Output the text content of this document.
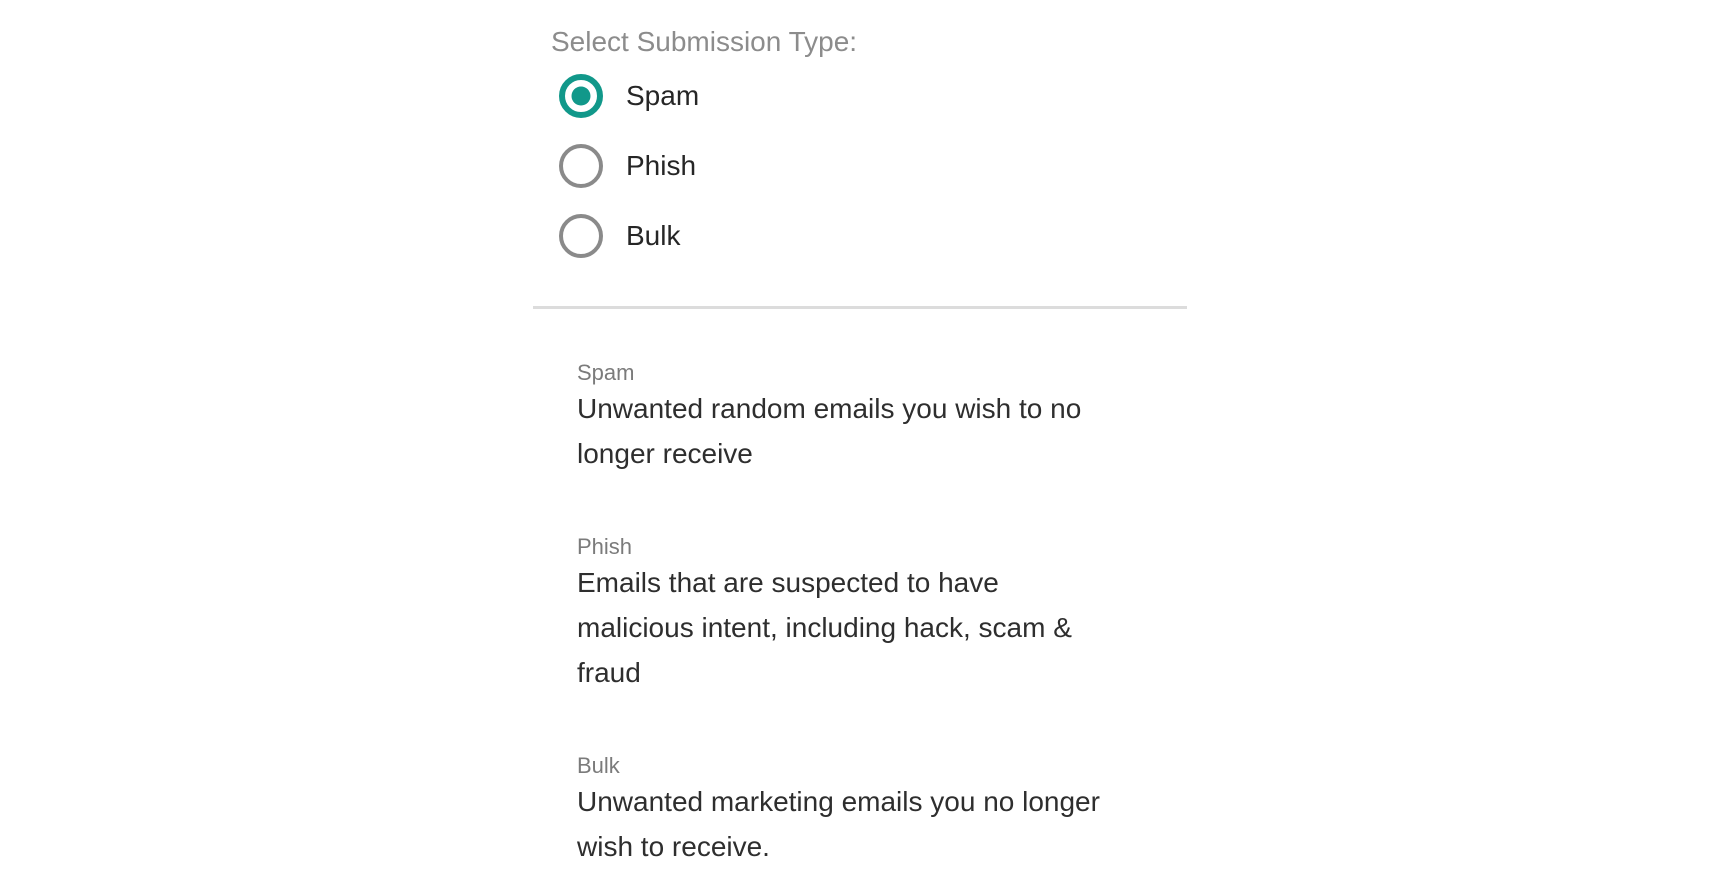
Select Submission Type:
Spam
Phish
Bulk
Spam
Unwanted random emails you wish to no longer receive
Phish
Emails that are suspected to have malicious intent, including hack, scam & fraud
Bulk
Unwanted marketing emails you no longer wish to receive.
